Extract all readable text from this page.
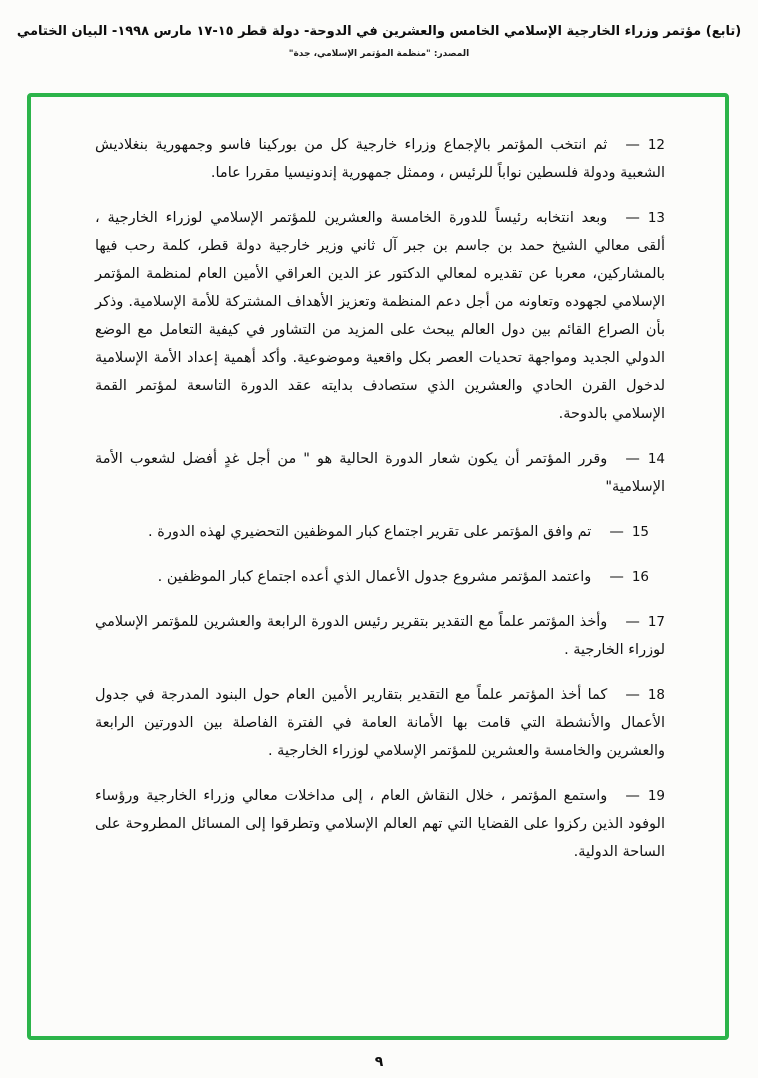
(تابع) مؤتمر وزراء الخارجية الإسلامي الخامس والعشرين في الدوحة- دولة قطر ١٥-١٧ مارس ١٩٩٨- البيان الختامي
المصدر: "منظمة المؤتمر الإسلامي، جدة"

12—ثم انتخب المؤتمر بالإجماع وزراء خارجية كل من بوركينا فاسو وجمهورية بنغلاديش الشعبية ودولة فلسطين نواباً للرئيس ، وممثل جمهورية إندونيسيا مقررا عاما.

13—وبعد انتخابه رئيساً للدورة الخامسة والعشرين للمؤتمر الإسلامي لوزراء الخارجية ، ألقى معالي الشيخ حمد بن جاسم بن جبر آل ثاني وزير خارجية دولة قطر، كلمة رحب فيها بالمشاركين، معربا عن تقديره لمعالي الدكتور عز الدين العراقي الأمين العام لمنظمة المؤتمر الإسلامي لجهوده وتعاونه من أجل دعم المنظمة وتعزيز الأهداف المشتركة للأمة الإسلامية. وذكر بأن الصراع القائم بين دول العالم يبحث على المزيد من التشاور في كيفية التعامل مع الوضع الدولي الجديد ومواجهة تحديات العصر بكل واقعية وموضوعية. وأكد أهمية إعداد الأمة الإسلامية لدخول القرن الحادي والعشرين الذي ستصادف بدايته عقد الدورة التاسعة لمؤتمر القمة الإسلامي بالدوحة.

14—وقرر المؤتمر أن يكون شعار الدورة الحالية هو " من أجل غدٍ أفضل لشعوب الأمة الإسلامية"

15—تم وافق المؤتمر على تقرير اجتماع كبار الموظفين التحضيري لهذه الدورة .

16—واعتمد المؤتمر مشروع جدول الأعمال الذي أعده اجتماع كبار الموظفين .

17—وأخذ المؤتمر علماً مع التقدير بتقرير رئيس الدورة الرابعة والعشرين للمؤتمر الإسلامي لوزراء الخارجية .

18—كما أخذ المؤتمر علماً مع التقدير بتقارير الأمين العام حول البنود المدرجة في جدول الأعمال والأنشطة التي قامت بها الأمانة العامة في الفترة الفاصلة بين الدورتين الرابعة والعشرين والخامسة والعشرين للمؤتمر الإسلامي لوزراء الخارجية .

19—واستمع المؤتمر ، خلال النقاش العام ، إلى مداخلات معالي وزراء الخارجية ورؤساء الوفود الذين ركزوا على القضايا التي تهم العالم الإسلامي وتطرقوا إلى المسائل المطروحة على الساحة الدولية.

٩
